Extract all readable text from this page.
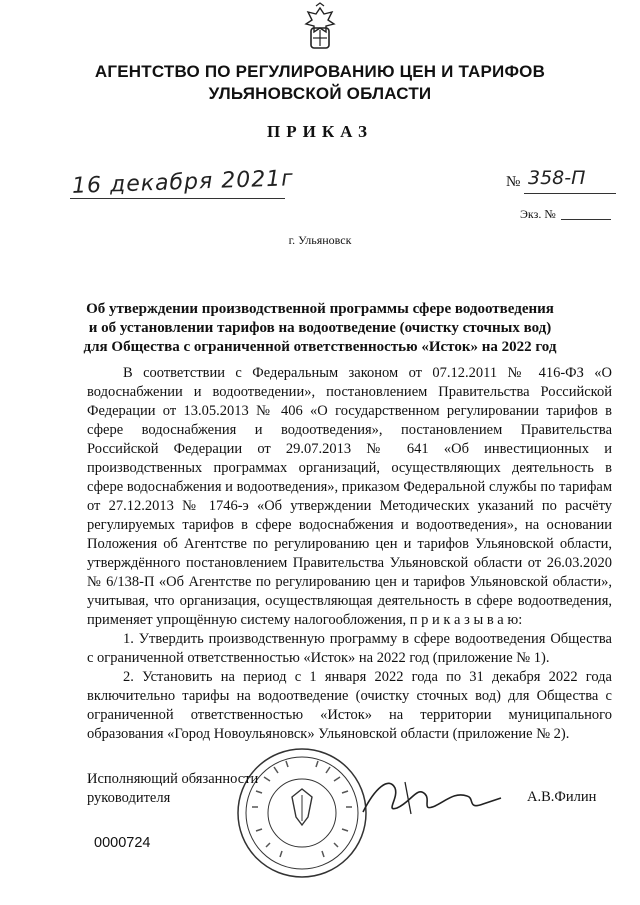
АГЕНТСТВО ПО РЕГУЛИРОВАНИЮ ЦЕН И ТАРИФОВ
УЛЬЯНОВСКОЙ ОБЛАСТИ
ПРИКАЗ
16 декабря 2021г	№ 358-П
Экз. №
г. Ульяновск
Об утверждении производственной программы сфере водоотведения
и об установлении тарифов на водоотведение (очистку сточных вод)
для Общества с ограниченной ответственностью «Исток» на 2022 год

В соответствии с Федеральным законом от 07.12.2011 № 416-ФЗ «О водоснабжении и водоотведении», постановлением Правительства Российской Федерации от 13.05.2013 № 406 «О государственном регулировании тарифов в сфере водоснабжения и водоотведения», постановлением Правительства Российской Федерации от 29.07.2013 № 641 «Об инвестиционных и производственных программах организаций, осуществляющих деятельность в сфере водоснабжения и водоотведения», приказом Федеральной службы по тарифам от 27.12.2013 № 1746-э «Об утверждении Методических указаний по расчёту регулируемых тарифов в сфере водоснабжения и водоотведения», на основании Положения об Агентстве по регулированию цен и тарифов Ульяновской области, утверждённого постановлением Правительства Ульяновской области от 26.03.2020 № 6/138-П «Об Агентстве по регулированию цен и тарифов Ульяновской области», учитывая, что организация, осуществляющая деятельность в сфере водоотведения, применяет упрощённую систему налогообложения, п р и к а з ы в а ю:

1. Утвердить производственную программу в сфере водоотведения Общества с ограниченной ответственностью «Исток» на 2022 год (приложение № 1).

2. Установить на период с 1 января 2022 года по 31 декабря 2022 года включительно тарифы на водоотведение (очистку сточных вод) для Общества с ограниченной ответственностью «Исток» на территории муниципального образования «Город Новоульяновск» Ульяновской области (приложение № 2).

Исполняющий обязанности
руководителя	А.В.Филин
0000724
